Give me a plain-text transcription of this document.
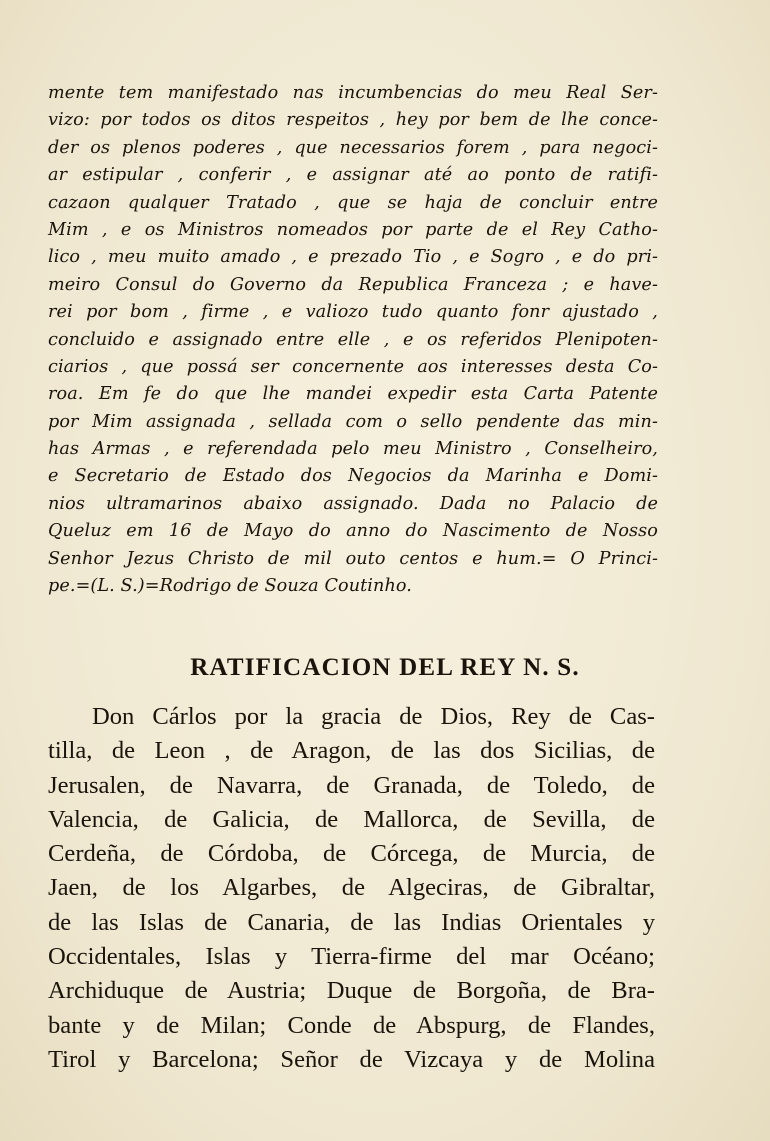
mente tem manifestado nas incumbencias do meu Real Ser-
vizo: por todos os ditos respeitos , hey por bem de lhe conce-
der os plenos poderes , que necessarios forem , para negoci-
ar estipular , conferir , e assignar até ao ponto de ratifi-
cazaon qualquer Tratado , que se haja de concluir entre
Mim , e os Ministros nomeados por parte de el Rey Catho-
lico , meu muito amado , e prezado Tio , e Sogro , e do pri-
meiro Consul do Governo da Republica Franceza ; e have-
rei por bom , firme , e valiozo tudo quanto fonr ajustado ,
concluido e assignado entre elle , e os referidos Plenipoten-
ciarios , que possá ser concernente aos interesses desta Co-
roa. Em fe do que lhe mandei expedir esta Carta Patente
por Mim assignada , sellada com o sello pendente das min-
has Armas , e referendada pelo meu Ministro , Conselheiro,
e Secretario de Estado dos Negocios da Marinha e Domi-
nios ultramarinos abaixo assignado. Dada no Palacio de
Queluz em 16 de Mayo do anno do Nascimento de Nosso
Senhor Jezus Christo de mil outo centos e hum.= O Princi-
pe.=(L. S.)=Rodrigo de Souza Coutinho.
RATIFICACION DEL REY N. S.
Don Cárlos por la gracia de Dios, Rey de Cas-
tilla, de Leon , de Aragon, de las dos Sicilias, de
Jerusalen, de Navarra, de Granada, de Toledo, de
Valencia, de Galicia, de Mallorca, de Sevilla, de
Cerdeña, de Córdoba, de Córcega, de Murcia, de
Jaen, de los Algarbes, de Algeciras, de Gibraltar,
de las Islas de Canaria, de las Indias Orientales y
Occidentales, Islas y Tierra-firme del mar Océano;
Archiduque de Austria; Duque de Borgoña, de Bra-
bante y de Milan; Conde de Abspurg, de Flandes,
Tirol y Barcelona; Señor de Vizcaya y de Molina
